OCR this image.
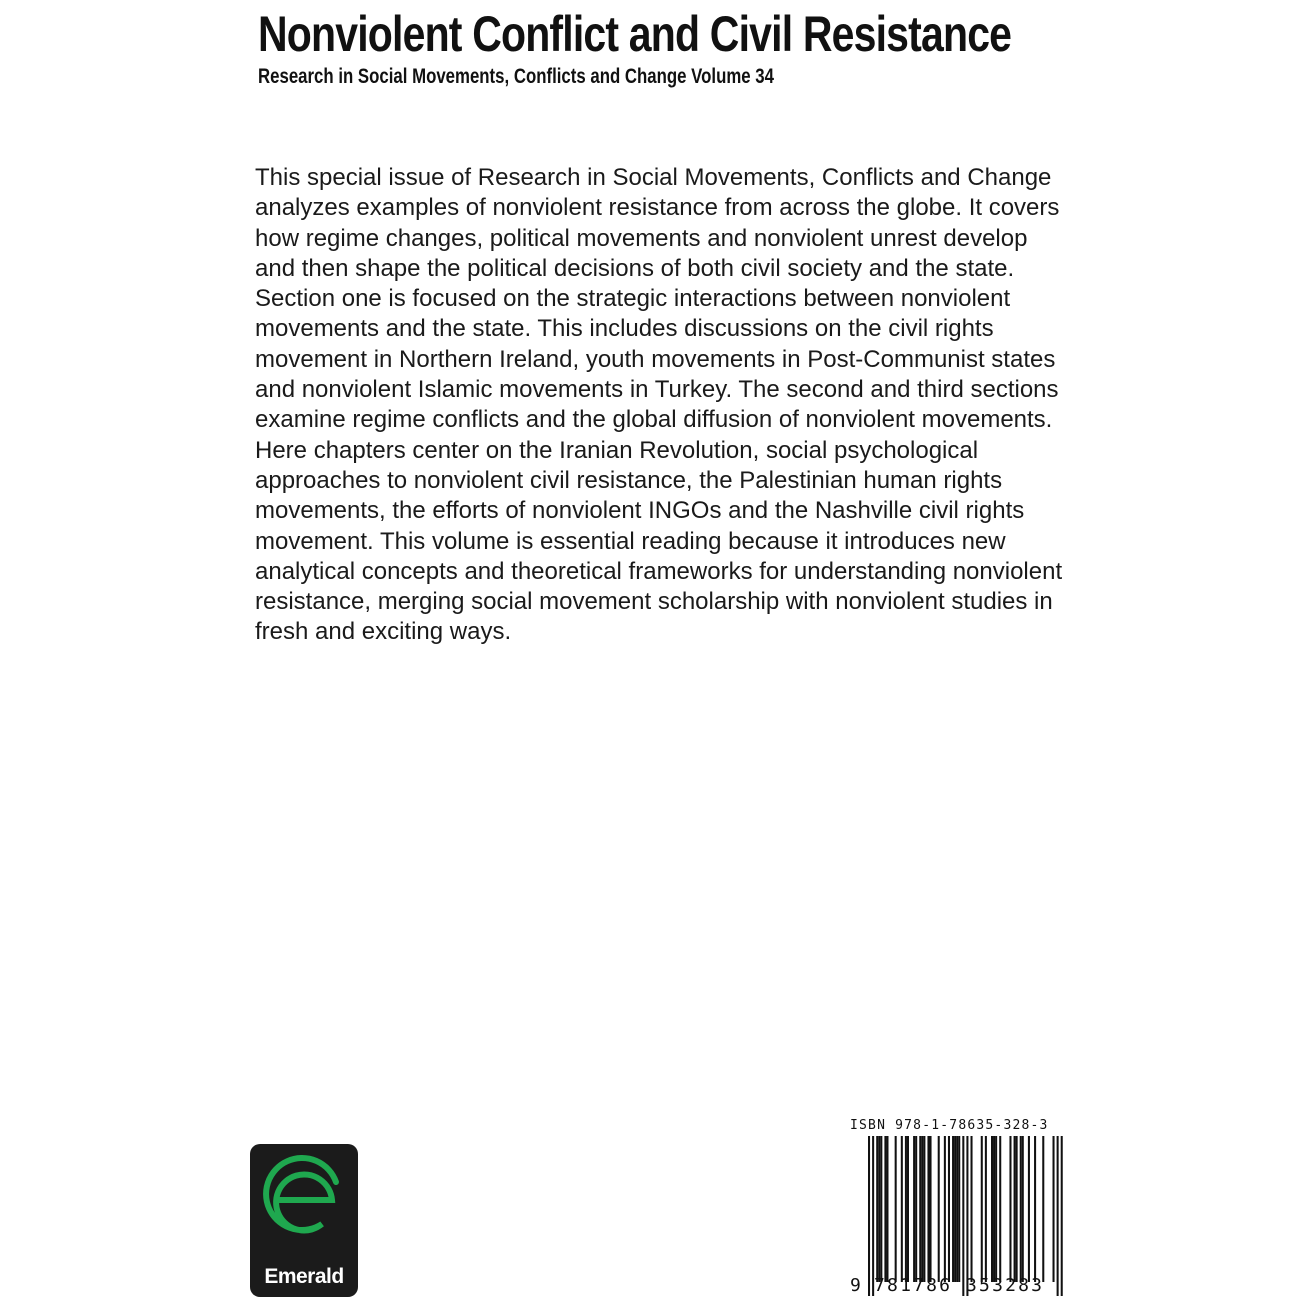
Nonviolent Conflict and Civil Resistance
Research in Social Movements, Conflicts and Change Volume 34

This special issue of Research in Social Movements, Conflicts and Change analyzes examples of nonviolent resistance from across the globe. It covers how regime changes, political movements and nonviolent unrest develop and then shape the political decisions of both civil society and the state. Section one is focused on the strategic interactions between nonviolent movements and the state. This includes discussions on the civil rights movement in Northern Ireland, youth movements in Post-Communist states and nonviolent Islamic movements in Turkey. The second and third sections examine regime conflicts and the global diffusion of nonviolent movements. Here chapters center on the Iranian Revolution, social psychological approaches to nonviolent civil resistance, the Palestinian human rights movements, the efforts of nonviolent INGOs and the Nashville civil rights movement. This volume is essential reading because it introduces new analytical concepts and theoretical frameworks for understanding nonviolent resistance, merging social movement scholarship with nonviolent studies in fresh and exciting ways.

Emerald
ISBN 978-1-78635-328-3
9 781786 353283
